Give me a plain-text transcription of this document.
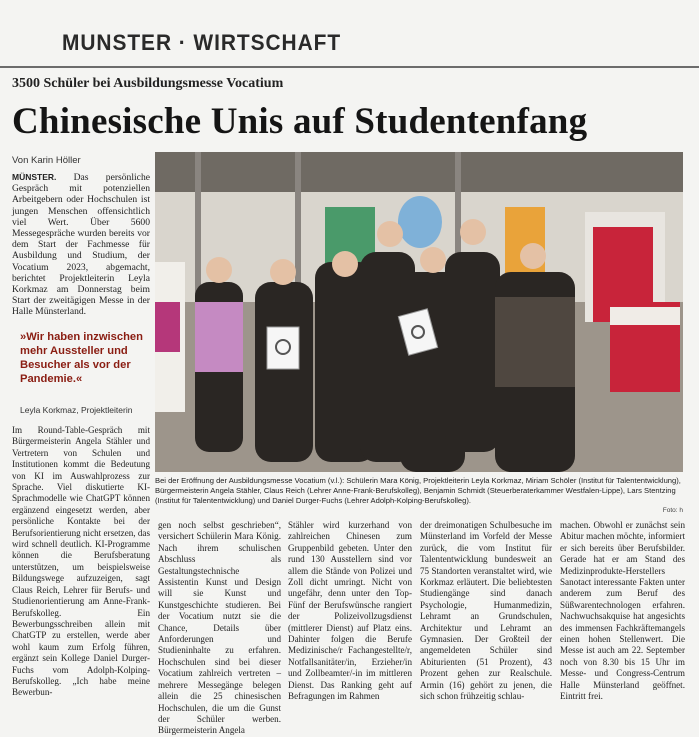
MUNSTER · WIRTSCHAFT
3500 Schüler bei Ausbildungsmesse Vocatium
Chinesische Unis auf Studentenfang
Von Karin Höller
MÜNSTER. Das persönliche Gespräch mit potenziellen Arbeitgebern oder Hochschulen ist jungen Menschen offensichtlich viel Wert. Über 5600 Messegespräche wurden bereits vor dem Start der Fachmesse für Ausbildung und Studium, der Vocatium 2023, abgemacht, berichtet Projektleiterin Leyla Korkmaz am Donnerstag beim Start der zweitägigen Messe in der Halle Münsterland.
»Wir haben inzwischen mehr Aussteller und Besucher als vor der Pandemie.«
Leyla Korkmaz, Projektleiterin
Bei der Eröffnung der Ausbildungsmesse Vocatium (v.l.): Schülerin Mara König, Projektleiterin Leyla Korkmaz, Miriam Schöler (Institut für Talententwicklung), Bürgermeisterin Angela Stähler, Claus Reich (Lehrer Anne-Frank-Berufskolleg), Benjamin Schmidt (Steuerberaterkammer Westfalen-Lippe), Lars Stentzing (Institut für Talententwicklung) und Daniel Durger-Fuchs (Lehrer Adolph-Kolping-Berufskolleg).
Foto: h
Im Round-Table-Gespräch mit Bürgermeisterin Angela Stähler und Vertretern von Schulen und Institutionen kommt die Bedeutung von KI im Auswahlprozess zur Sprache. Viel diskutierte KI-Sprachmodelle wie ChatGPT können ergänzend eingesetzt werden, aber persönliche Kontakte bei der Berufsorientierung nicht ersetzen, das wird schnell deutlich. KI-Programme können die Berufsberatung unterstützen, um beispielsweise Bildungswege aufzuzeigen, sagt Claus Reich, Lehrer für Berufs- und Studienorientierung am Anne-Frank-Berufskolleg. Ein Bewerbungsschreiben allein mit ChatGTP zu erstellen, werde aber wohl kaum zum Erfolg führen, ergänzt sein Kollege Daniel Durger-Fuchs vom Adolph-Kolping-Berufskolleg. „Ich habe meine Bewerbun-
gen noch selbst geschrieben“, versichert Schülerin Mara König. Nach ihrem schulischen Abschluss als Gestaltungstechnische Assistentin Kunst und Design will sie Kunst und Kunstgeschichte studieren. Bei der Vocatium nutzt sie die Chance, Details über Anforderungen und Studieninhalte zu erfahren. Hochschulen sind bei dieser Vocatium zahlreich vertreten – mehrere Messegänge belegen allein die 25 chinesischen Hochschulen, die um die Gunst der Schüler werben. Bürgermeisterin Angela
Stähler wird kurzerhand von zahlreichen Chinesen zum Gruppenbild gebeten. Unter den rund 130 Ausstellern sind vor allem die Stände von Polizei und Zoll dicht umringt. Nicht von ungefähr, denn unter den Top-Fünf der Berufswünsche rangiert der Polizeivollzugsdienst (mittlerer Dienst) auf Platz eins. Dahinter folgen die Berufe Medizinische/r Fachangestellte/r, Notfallsanitäter/in, Erzieher/in und Zollbeamter/-in im mittleren Dienst. Das Ranking geht auf Befragungen im Rahmen
der dreimonatigen Schulbesuche im Münsterland im Vorfeld der Messe zurück, die vom Institut für Talententwicklung bundesweit an 75 Standorten veranstaltet wird, wie Korkmaz erläutert. Die beliebtesten Studiengänge sind danach Psychologie, Humanmedizin, Lehramt an Grundschulen, Architektur und Lehramt an Gymnasien. Der Großteil der angemeldeten Schüler sind Abiturienten (51 Prozent), 43 Prozent gehen zur Realschule. Armin (16) gehört zu jenen, die sich schon frühzeitig schlau-
machen. Obwohl er zunächst sein Abitur machen möchte, informiert er sich bereits über Berufsbilder. Gerade hat er am Stand des Medizinprodukte-Herstellers Sanotact interessante Fakten unter anderem zum Beruf des Süßwarentechnologen erfahren. Nachwuchsakquise hat angesichts des immensen Fachkräftemangels einen hohen Stellenwert. Die Messe ist auch am 22. September noch von 8.30 bis 15 Uhr im Messe- und Congress-Centrum Halle Münsterland geöffnet. Eintritt frei.
